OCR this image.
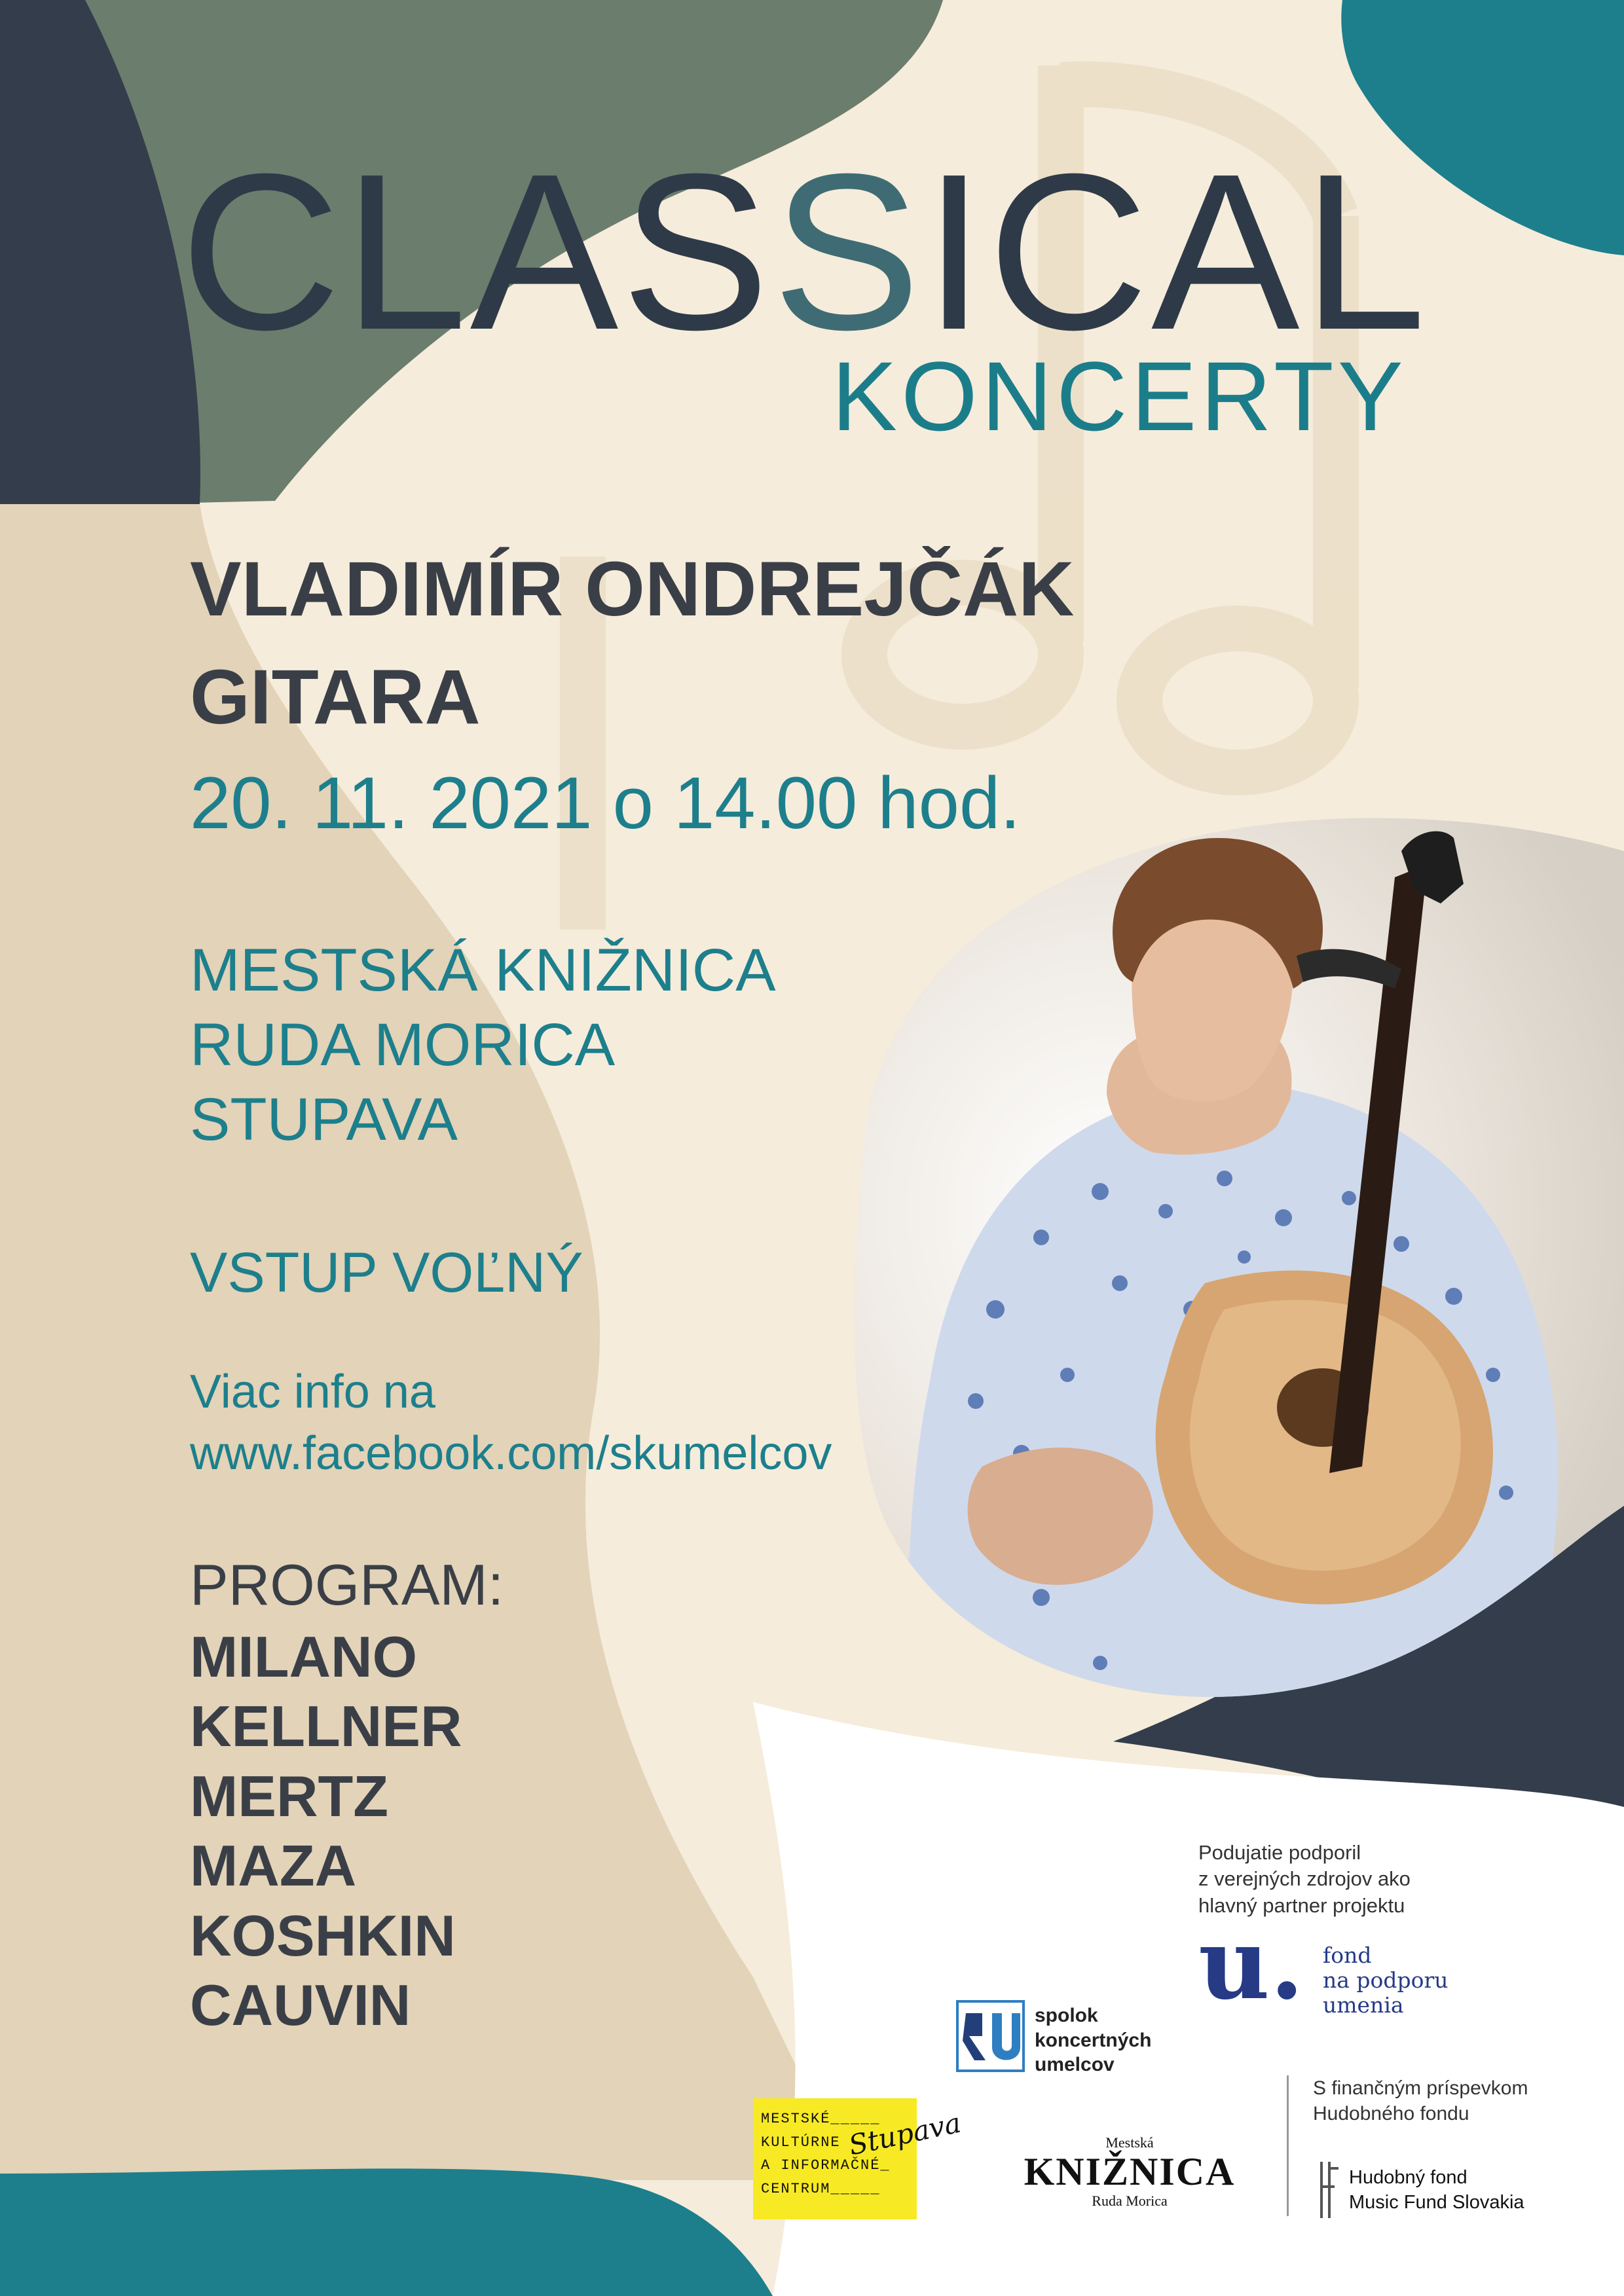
CLASSICAL
KONCERTY
VLADIMÍR ONDREJČÁK
GITARA
20. 11. 2021 o 14.00 hod.
MESTSKÁ KNIŽNICA
RUDA MORICA
STUPAVA
VSTUP VOĽNÝ
Viac info na
www.facebook.com/skumelcov
PROGRAM:
MILANO
KELLNER
MERTZ
MAZA
KOSHKIN
CAUVIN
Podujatie podporil
z verejných zdrojov ako
hlavný partner projektu
u. fond
na podporu
umenia
spolok
koncertných
umelcov
MESTSKÉ_____
KULTÚRNE
A INFORMAČNÉ_
CENTRUM_____
Stupava	Mestská
KNIŽNICA
Ruda Morica
S finančným príspevkom
Hudobného fondu
Hudobný fond
Music Fund Slovakia
